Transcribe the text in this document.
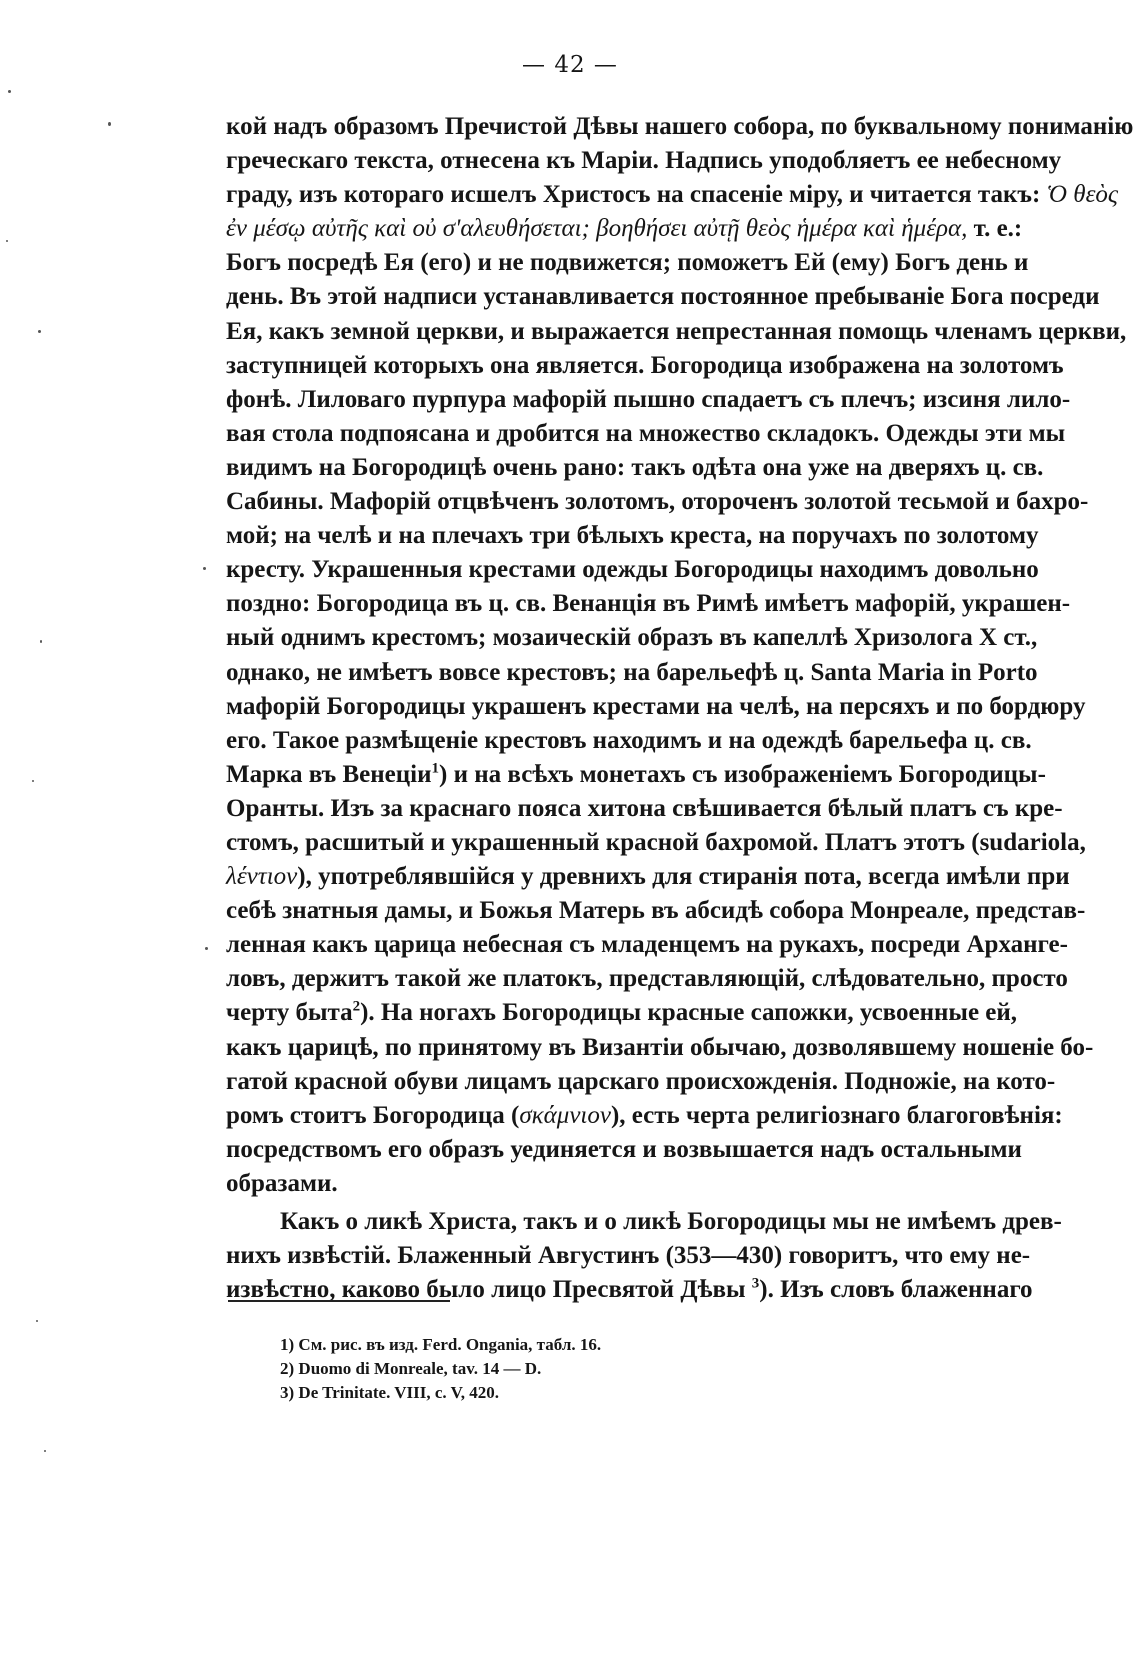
— 42 —
кой надъ образомъ Пречистой Дѣвы нашего собора, по буквальному пониманiю
греческаго текста, отнесена къ Марiи. Надпись уподобляетъ ее небесному
граду, изъ котораго исшелъ Христосъ на спасенiе мiру, и читается такъ: Ὁ θεὸς
ἐν μέσῳ αὐτῆς καὶ οὐ σ'αλευθήσεται; βοηθήσει αὐτῇ θεὸς ἡμέρα καὶ ἡμέρα, т. е.:
Богъ посредѣ Ея (его) и не подвижется; поможетъ Ей (ему) Богъ день и
день. Въ этой надписи устанавливается постоянное пребыванiе Бога посреди
Ея, какъ земной церкви, и выражается непрестанная помощь членамъ церкви,
заступницей которыхъ она является. Богородица изображена на золотомъ
фонѣ. Лиловаго пурпура мафорiй пышно спадаетъ съ плечъ; изсиня лило-
вая стола подпоясана и дробится на множество складокъ. Одежды эти мы
видимъ на Богородицѣ очень рано: такъ одѣта она уже на дверяхъ ц. св.
Сабины. Мафорiй отцвѣченъ золотомъ, отороченъ золотой тесьмой и бахро-
мой; на челѣ и на плечахъ три бѣлыхъ креста, на поручахъ по золотому
кресту. Украшенныя крестами одежды Богородицы находимъ довольно
поздно: Богородица въ ц. св. Венанцiя въ Римѣ имѣетъ мафорiй, украшен-
ный однимъ крестомъ; мозаическiй образъ въ капеллѣ Хризолога X ст.,
однако, не имѣетъ вовсе крестовъ; на барельефѣ ц. Santa Maria in Porto
мафорiй Богородицы украшенъ крестами на челѣ, на персяхъ и по бордюру
его. Такое размѣщенiе крестовъ находимъ и на одеждѣ барельефа ц. св.
Марка въ Венецiи$^1$) и на всѣхъ монетахъ съ изображенiемъ Богородицы-
Оранты. Изъ за краснаго пояса хитона свѣшивается бѣлый платъ съ кре-
стомъ, расшитый и украшенный красной бахромой. Платъ этотъ (sudariola,
λέντιον), употреблявшiйся у древнихъ для стиранiя пота, всегда имѣли при
себѣ знатныя дамы, и Божья Матерь въ абсидѣ собора Монреале, представ-
ленная какъ царица небесная съ младенцемъ на рукахъ, посреди Арханге-
ловъ, держитъ такой же платокъ, представляющiй, слѣдовательно, просто
черту быта$^2$). На ногахъ Богородицы красные сапожки, усвоенные ей,
какъ царицѣ, по принятому въ Византiи обычаю, дозволявшему ношенiе бо-
гатой красной обуви лицамъ царскаго происхожденiя. Подножiе, на кото-
ромъ стоитъ Богородица (σκάμνιον), есть черта религiознаго благоговѣнiя:
посредствомъ его образъ уединяется и возвышается надъ остальными
образами.
Какъ о ликѣ Христа, такъ и о ликѣ Богородицы мы не имѣемъ древ-
нихъ извѣстiй. Блаженный Августинъ (353—430) говоритъ, что ему не-
извѣстно, каково было лицо Пресвятой Дѣвы $^3$). Изъ словъ блаженнаго
1) См. рис. въ изд. Ferd. Ongania, табл. 16.
2) Duomo di Monreale, tav. 14 — D.
3) De Trinitate. VIII, c. V, 420.
